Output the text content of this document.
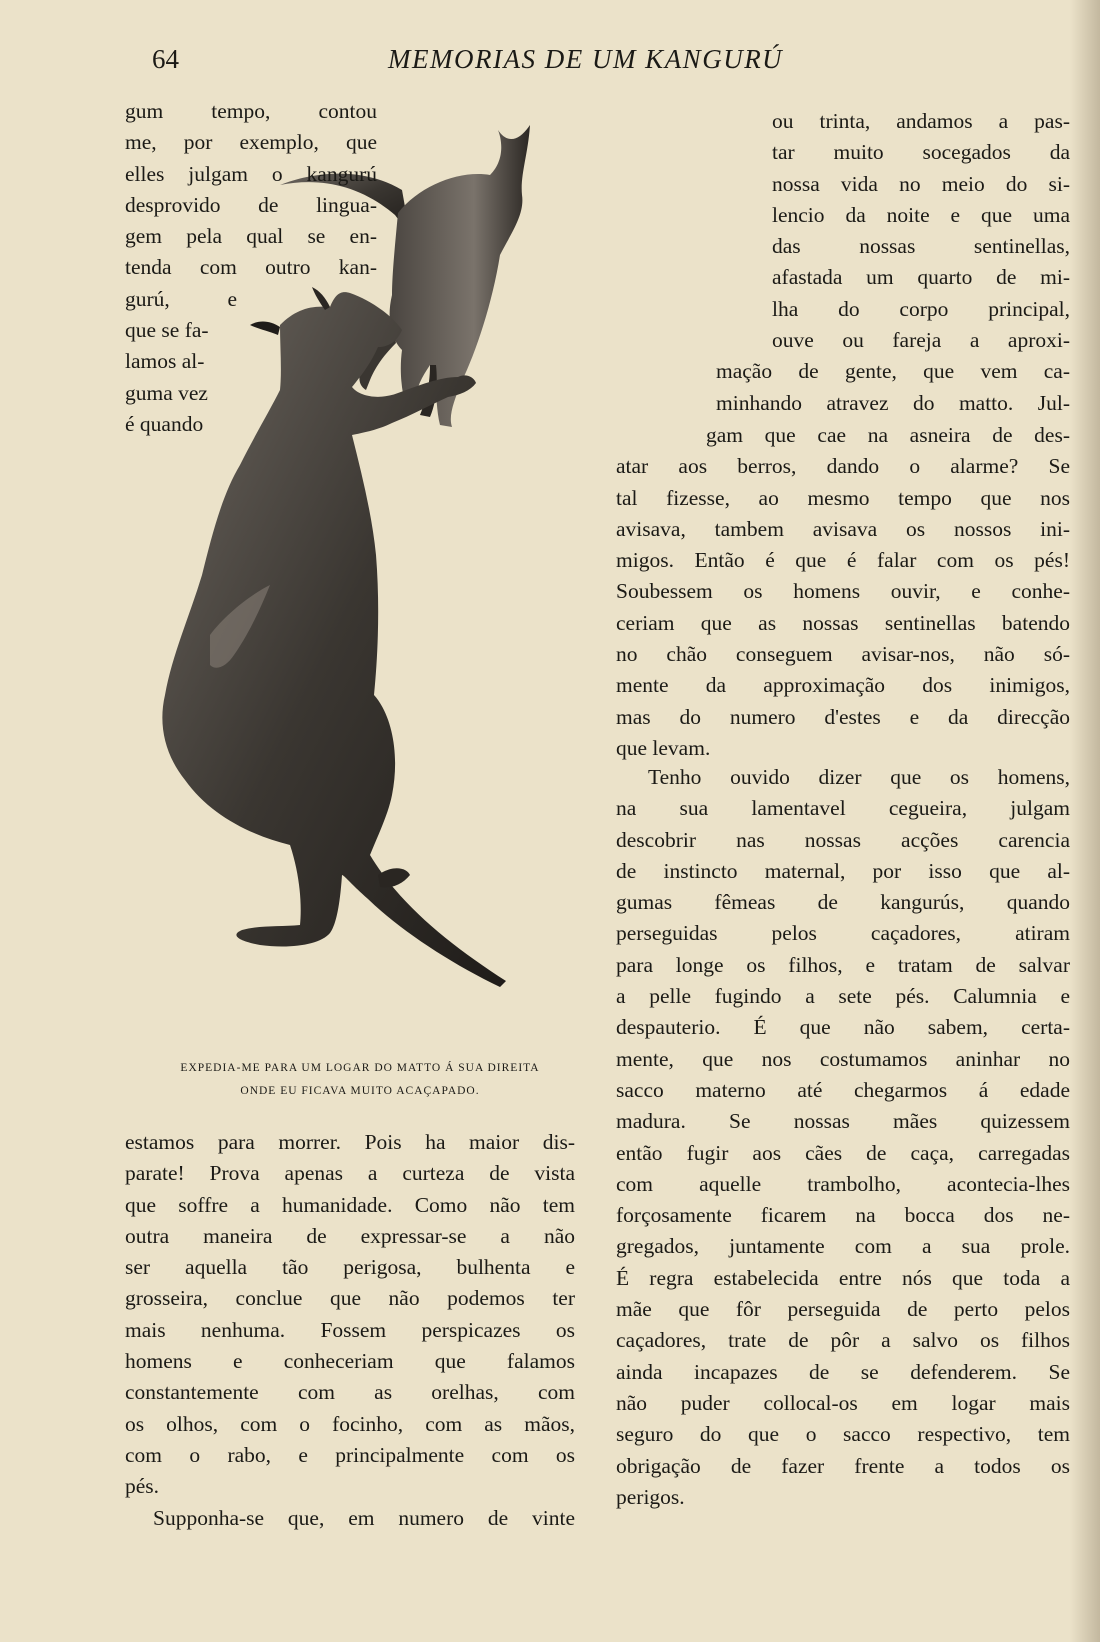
64	MEMORIAS DE UM KANGURÚ
gum tempo, contou
me, por exemplo, que
elles julgam o kangurú
desprovido de lingua-
gem pela qual se en-
tenda com outro kan-
gurú, e
que se fa-
lamos al-
guma vez
é quando
ou trinta, andamos a pas-
tar muito socegados da
nossa vida no meio do si-
lencio da noite e que uma
das nossas sentinellas,
afastada um quarto de mi-
lha do corpo principal,
ouve ou fareja a aproxi-
mação de gente, que vem ca-
minhando atravez do matto. Jul-
gam que cae na asneira de des-
atar aos berros, dando o alarme? Se
tal fizesse, ao mesmo tempo que nos
avisava, tambem avisava os nossos ini-
migos. Então é que é falar com os pés!
Soubessem os homens ouvir, e conhe-
ceriam que as nossas sentinellas batendo
no chão conseguem avisar-nos, não só-
mente da approximação dos inimigos,
mas do numero d'estes e da direcção
que levam.
Tenho ouvido dizer que os homens,
na sua lamentavel cegueira, julgam
descobrir nas nossas acções carencia
de instincto maternal, por isso que al-
gumas fêmeas de kangurús, quando
perseguidas pelos caçadores, atiram
para longe os filhos, e tratam de salvar
a pelle fugindo a sete pés. Calumnia e
despauterio. É que não sabem, certa-
mente, que nos costumamos aninhar no
sacco materno até chegarmos á edade
madura. Se nossas mães quizessem
então fugir aos cães de caça, carregadas
com aquelle trambolho, acontecia-lhes
forçosamente ficarem na bocca dos ne-
gregados, juntamente com a sua prole.
É regra estabelecida entre nós que toda a
mãe que fôr perseguida de perto pelos
caçadores, trate de pôr a salvo os filhos
ainda incapazes de se defenderem. Se
não puder collocal-os em logar mais
seguro do que o sacco respectivo, tem
obrigação de fazer frente a todos os
perigos.
EXPEDIA-ME PARA UM LOGAR DO MATTO Á SUA DIREITA
ONDE EU FICAVA MUITO ACAÇAPADO.
estamos para morrer. Pois ha maior dis-
parate! Prova apenas a curteza de vista
que soffre a humanidade. Como não tem
outra maneira de expressar-se a não
ser aquella tão perigosa, bulhenta e
grosseira, conclue que não podemos ter
mais nenhuma. Fossem perspicazes os
homens e conheceriam que falamos
constantemente com as orelhas, com
os olhos, com o focinho, com as mãos,
com o rabo, e principalmente com os
pés.
Supponha-se que, em numero de vinte
